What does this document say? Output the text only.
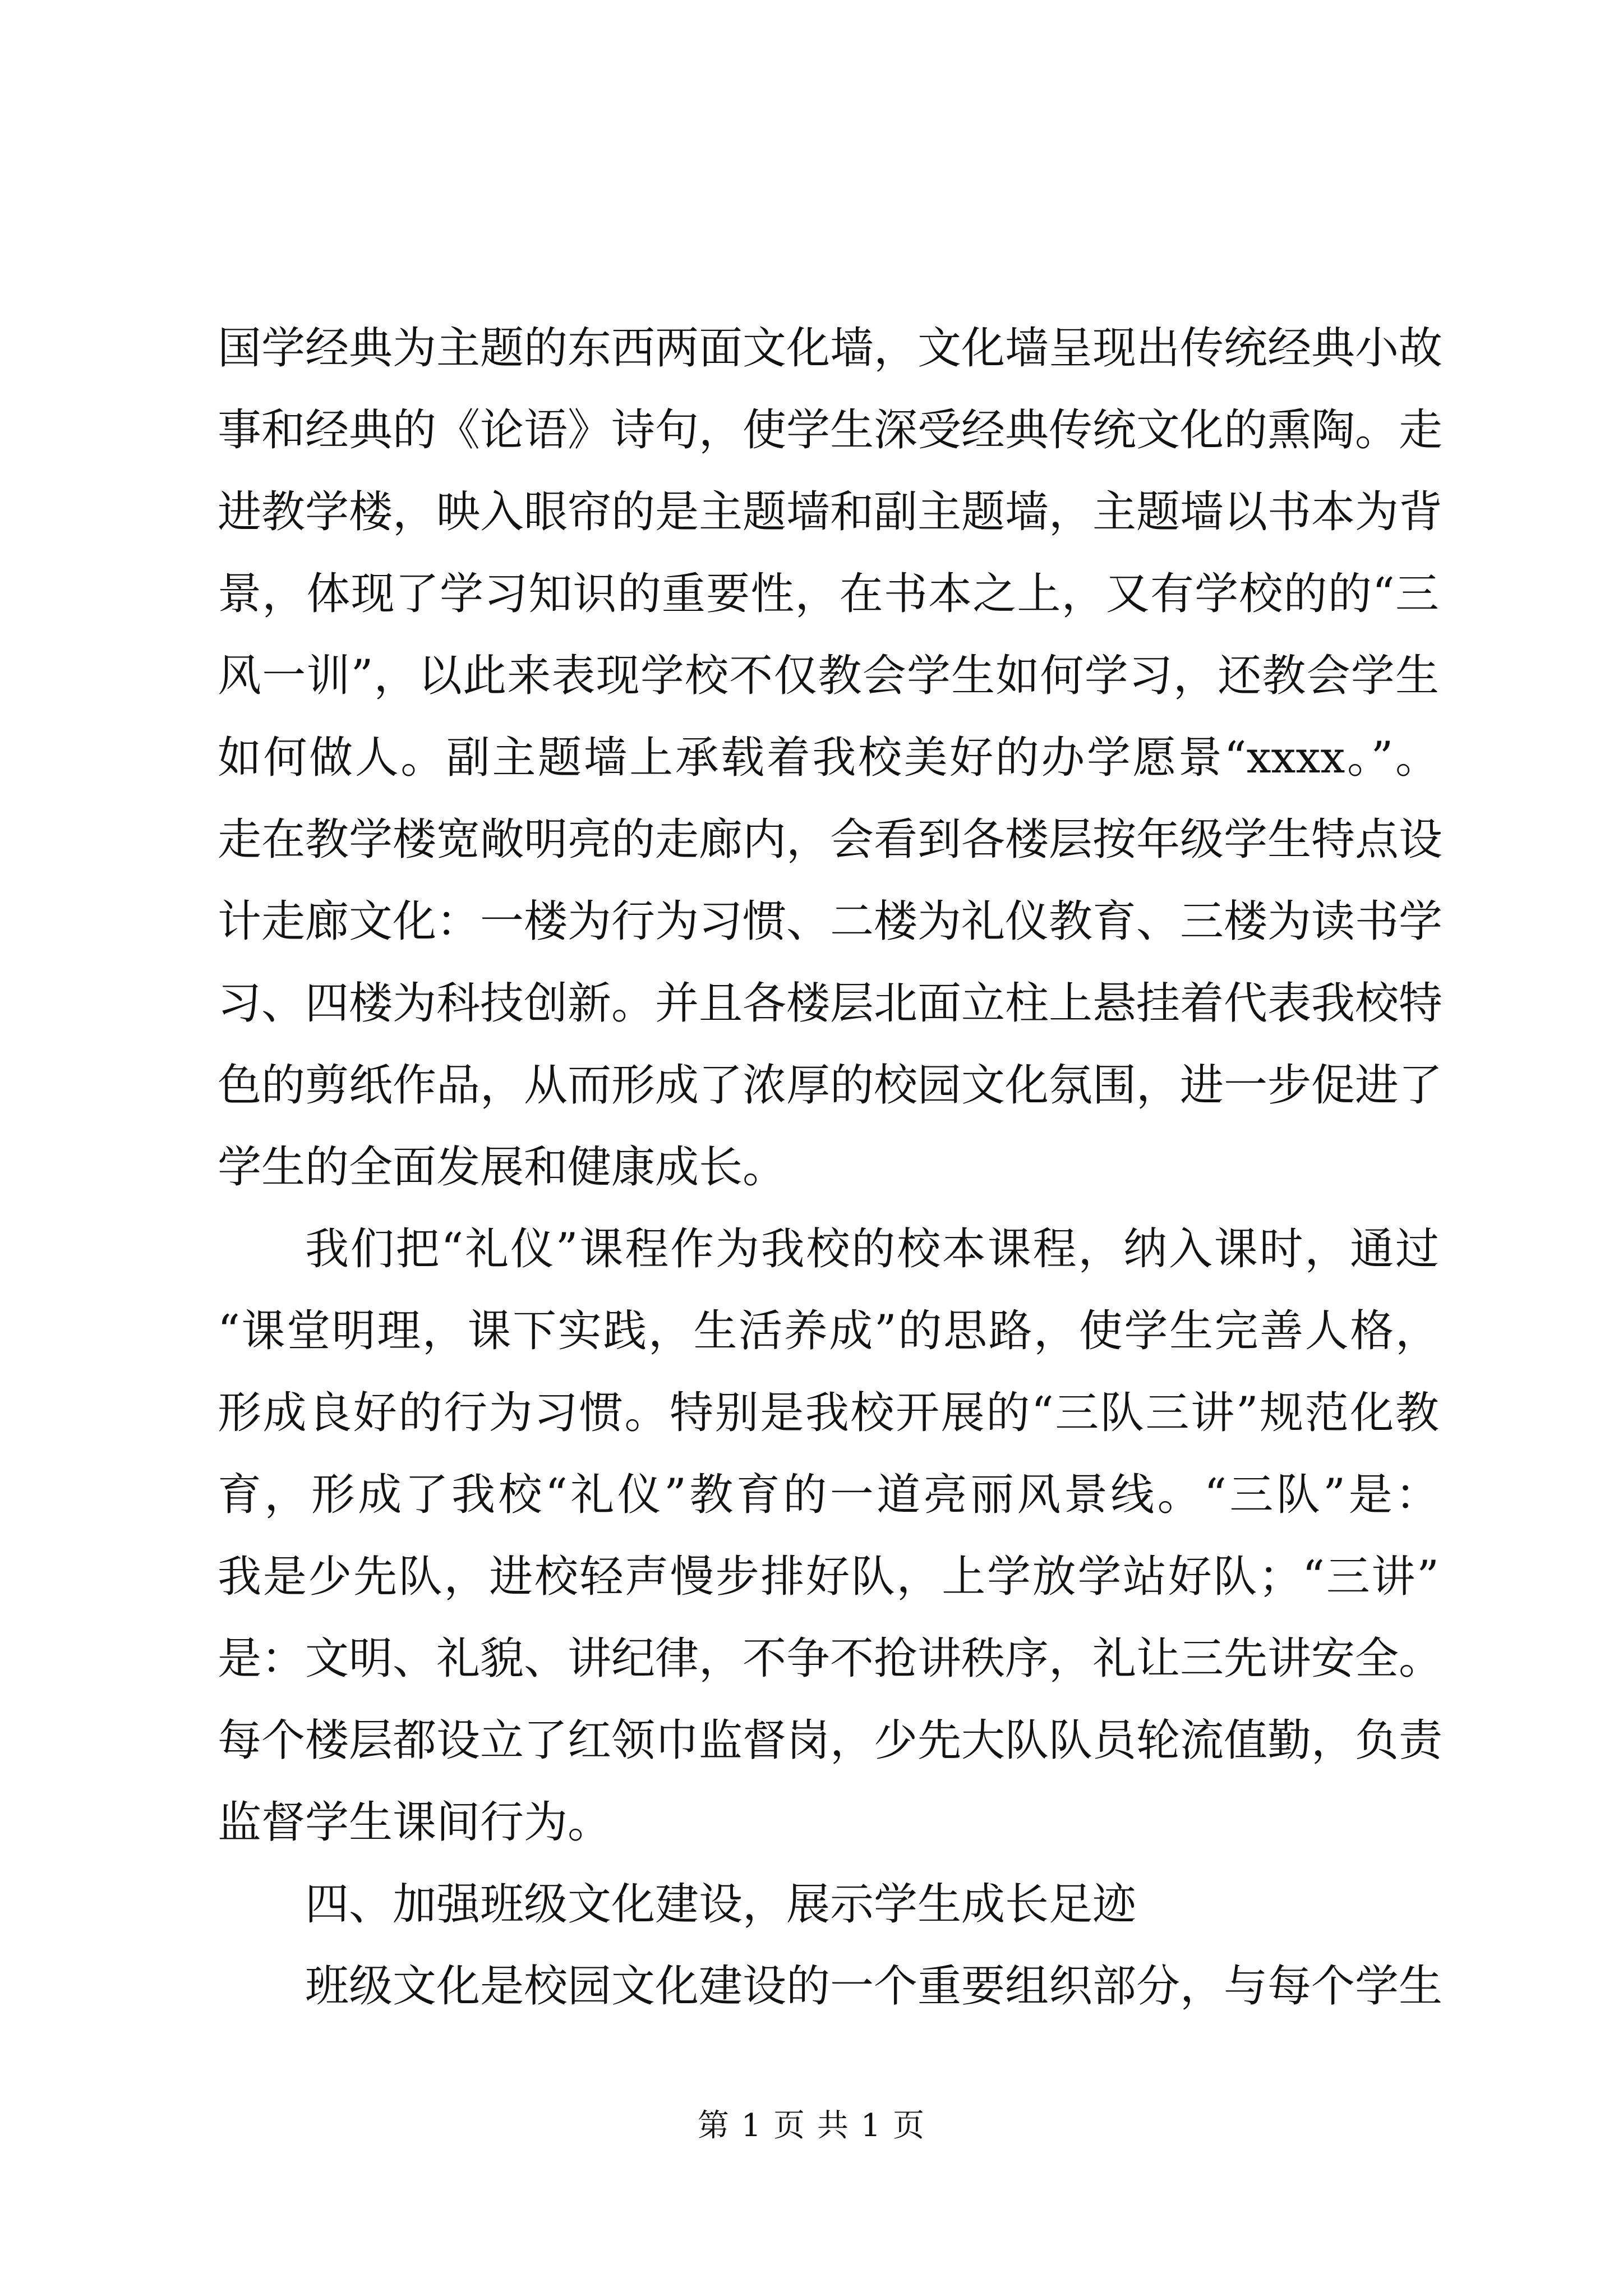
国学经典为主题的东西两面文化墙，文化墙呈现出传统经典小故
事和经典的《论语》诗句，使学生深受经典传统文化的熏陶。走
进教学楼，映入眼帘的是主题墙和副主题墙，主题墙以书本为背
景，体现了学习知识的重要性，在书本之上，又有学校的的“三
风一训”，以此来表现学校不仅教会学生如何学习，还教会学生
如何做人。副主题墙上承载着我校美好的办学愿景“xxxx。”。
走在教学楼宽敞明亮的走廊内，会看到各楼层按年级学生特点设
计走廊文化：一楼为行为习惯、二楼为礼仪教育、三楼为读书学
习、四楼为科技创新。并且各楼层北面立柱上悬挂着代表我校特
色的剪纸作品，从而形成了浓厚的校园文化氛围，进一步促进了
学生的全面发展和健康成长。
我们把“礼仪”课程作为我校的校本课程，纳入课时，通过
“课堂明理，课下实践，生活养成”的思路，使学生完善人格，
形成良好的行为习惯。特别是我校开展的“三队三讲”规范化教
育，形成了我校“礼仪”教育的一道亮丽风景线。“三队”是：
我是少先队，进校轻声慢步排好队，上学放学站好队；“三讲”
是：文明、礼貌、讲纪律，不争不抢讲秩序，礼让三先讲安全。
每个楼层都设立了红领巾监督岗，少先大队队员轮流值勤，负责
监督学生课间行为。
四、加强班级文化建设，展示学生成长足迹
班级文化是校园文化建设的一个重要组织部分，与每个学生
第 1 页 共 1 页
